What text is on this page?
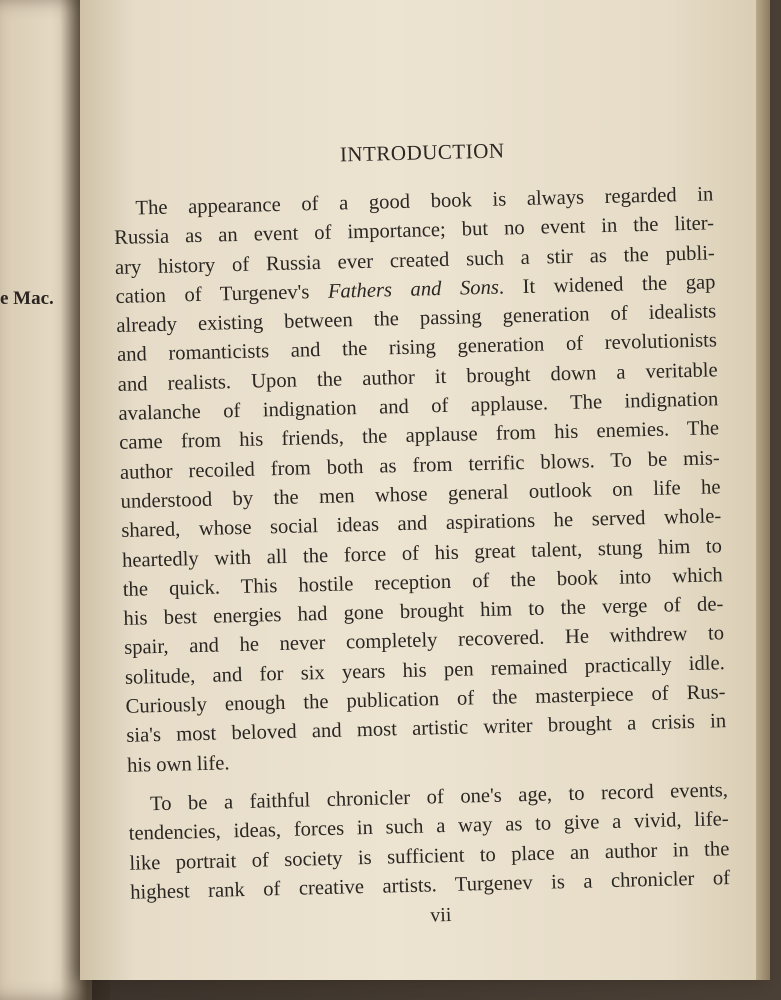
e Mac.
INTRODUCTION
The appearance of a good book is always regarded in
Russia as an event of importance; but no event in the liter-
ary history of Russia ever created such a stir as the publi-
cation of Turgenev's Fathers and Sons. It widened the gap
already existing between the passing generation of idealists
and romanticists and the rising generation of revolutionists
and realists. Upon the author it brought down a veritable
avalanche of indignation and of applause. The indignation
came from his friends, the applause from his enemies. The
author recoiled from both as from terrific blows. To be mis-
understood by the men whose general outlook on life he
shared, whose social ideas and aspirations he served whole-
heartedly with all the force of his great talent, stung him to
the quick. This hostile reception of the book into which
his best energies had gone brought him to the verge of de-
spair, and he never completely recovered. He withdrew to
solitude, and for six years his pen remained practically idle.
Curiously enough the publication of the masterpiece of Rus-
sia's most beloved and most artistic writer brought a crisis in
his own life.
To be a faithful chronicler of one's age, to record events,
tendencies, ideas, forces in such a way as to give a vivid, life-
like portrait of society is sufficient to place an author in the
highest rank of creative artists. Turgenev is a chronicler of
vii
